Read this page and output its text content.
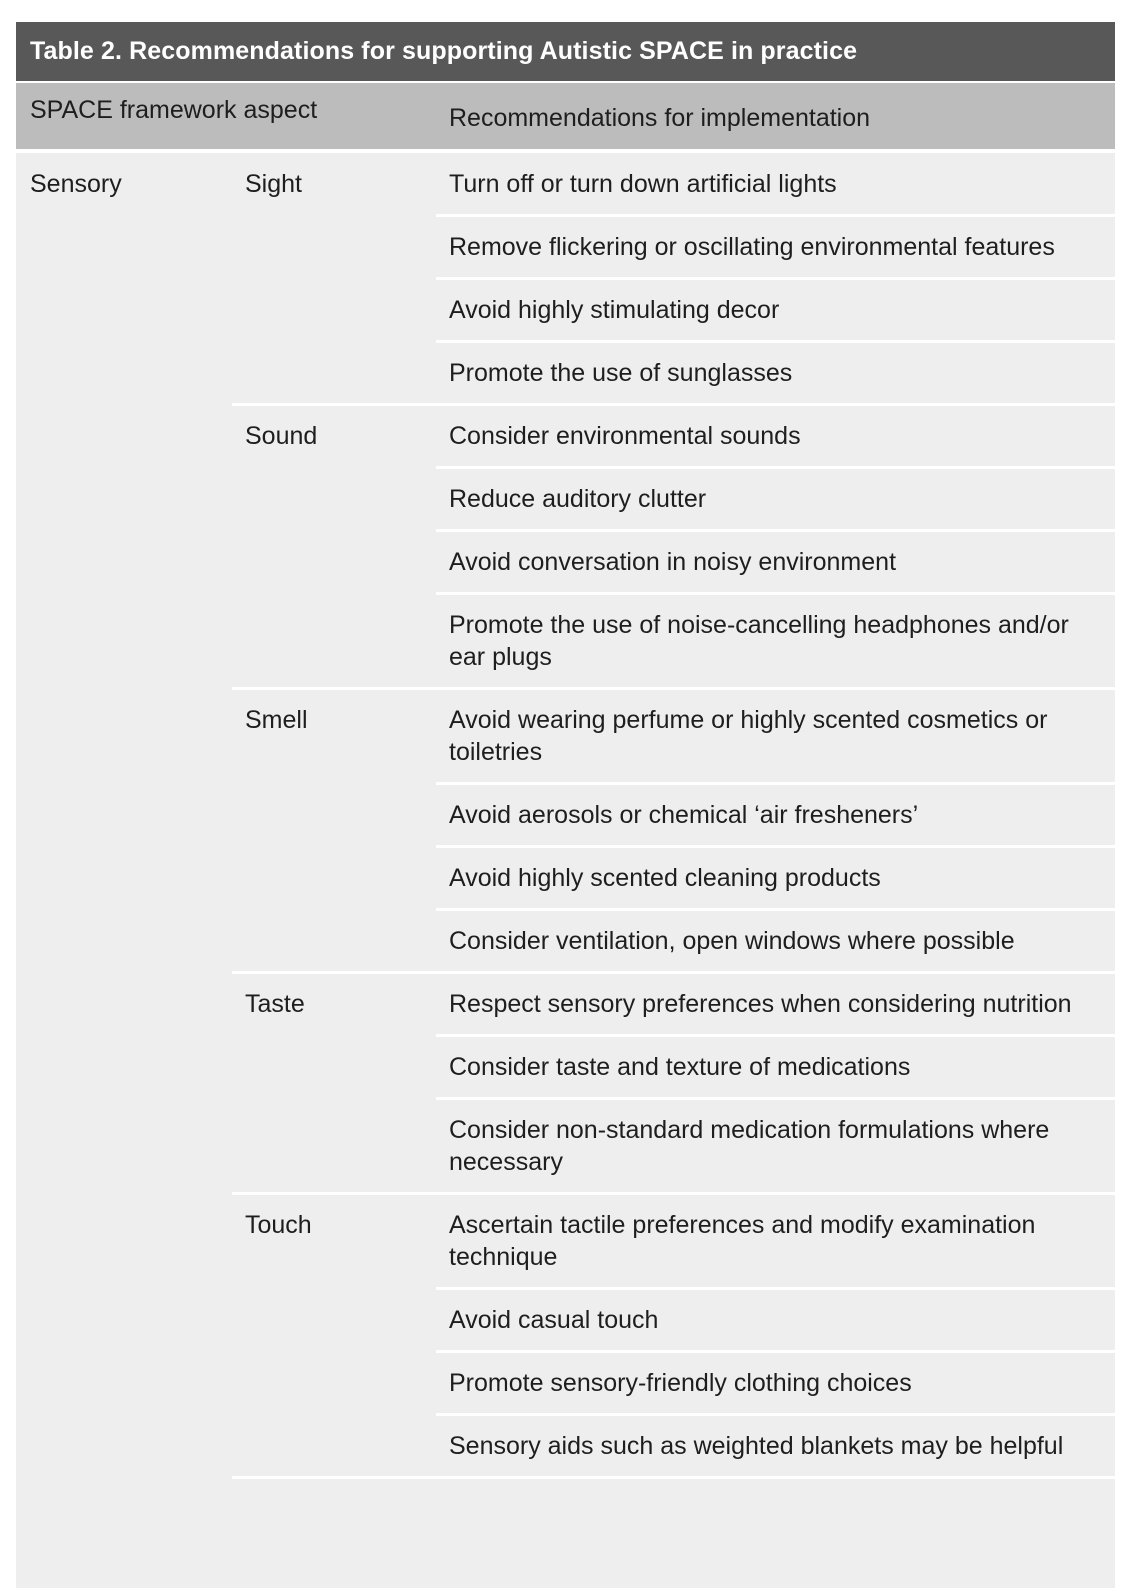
Table 2. Recommendations for supporting Autistic SPACE in practice
SPACE framework aspect	Recommendations for implementation
Sensory	Sight	Turn off or turn down artificial lights
Remove flickering or oscillating environmental features
Avoid highly stimulating decor
Promote the use of sunglasses
Sound	Consider environmental sounds
Reduce auditory clutter
Avoid conversation in noisy environment
Promote the use of noise-cancelling headphones and/or ear plugs
Smell	Avoid wearing perfume or highly scented cosmetics or toiletries
Avoid aerosols or chemical ‘air fresheners’
Avoid highly scented cleaning products
Consider ventilation, open windows where possible
Taste	Respect sensory preferences when considering nutrition
Consider taste and texture of medications
Consider non-standard medication formulations where necessary
Touch	Ascertain tactile preferences and modify examination technique
Avoid casual touch
Promote sensory-friendly clothing choices
Sensory aids such as weighted blankets may be helpful
